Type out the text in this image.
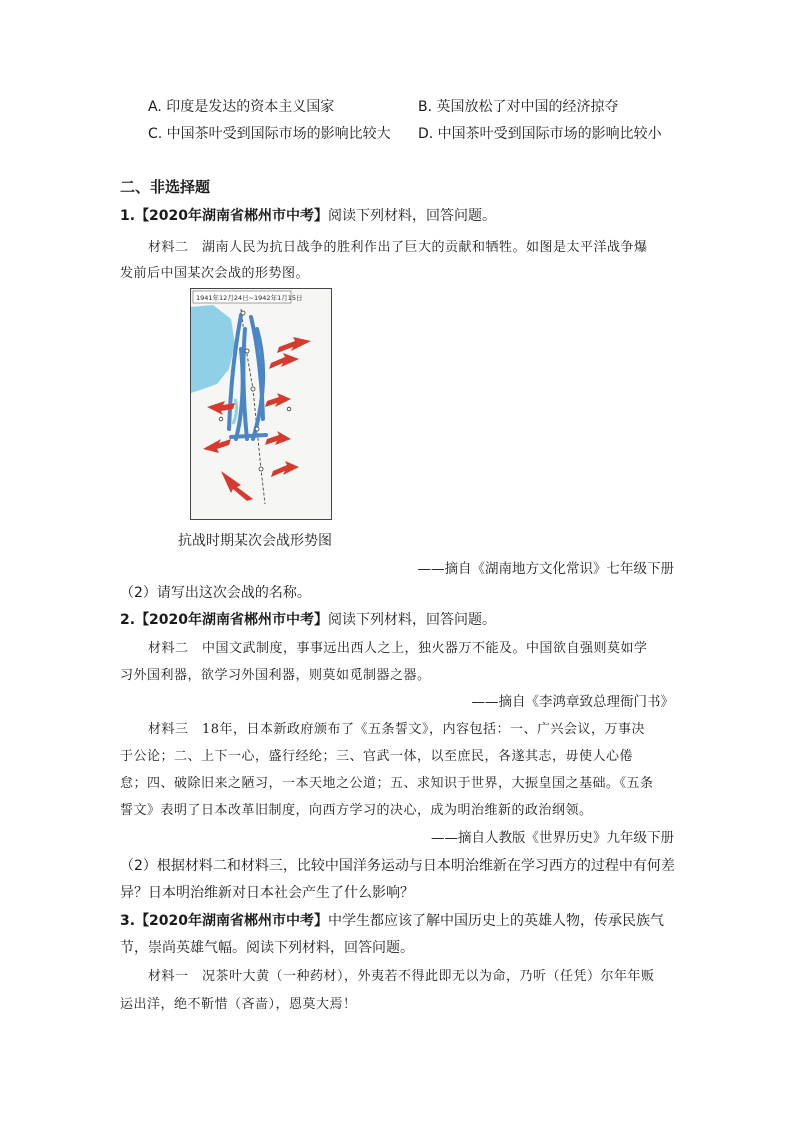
A. 印度是发达的资本主义国家	B. 英国放松了对中国的经济掠夺
C. 中国茶叶受到国际市场的影响比较大 D. 中国茶叶受到国际市场的影响比较小
二、非选择题
1.【2020年湖南省郴州市中考】阅读下列材料，回答问题。
材料二　湖南人民为抗日战争的胜利作出了巨大的贡献和牺牲。如图是太平洋战争爆
发前后中国某次会战的形势图。
1941年12月24日~1942年1月15日
抗战时期某次会战形势图
——摘自《湖南地方文化常识》七年级下册
（2）请写出这次会战的名称。
2.【2020年湖南省郴州市中考】阅读下列材料，回答问题。
材料二　中国文武制度，事事远出西人之上，独火器万不能及。中国欲自强则莫如学
习外国利器，欲学习外国利器，则莫如觅制器之器。
——摘自《李鸿章致总理衙门书》
材料三　18年，日本新政府颁布了《五条誓文》，内容包括：一、广兴会议，万事决
于公论；二、上下一心，盛行经纶；三、官武一体，以至庶民，各遂其志，毋使人心倦
怠；四、破除旧来之陋习，一本天地之公道；五、求知识于世界，大振皇国之基础。《五条
誓文》表明了日本改革旧制度，向西方学习的决心，成为明治维新的政治纲领。
——摘自人教版《世界历史》九年级下册
（2）根据材料二和材料三，比较中国洋务运动与日本明治维新在学习西方的过程中有何差
异？日本明治维新对日本社会产生了什么影响？
3.【2020年湖南省郴州市中考】中学生都应该了解中国历史上的英雄人物，传承民族气
节，崇尚英雄气幅。阅读下列材料，回答问题。
材料一　况茶叶大黄（一种药材），外夷若不得此即无以为命，乃听（任凭）尔年年贩
运出洋，绝不靳惜（吝啬），恩莫大焉！
